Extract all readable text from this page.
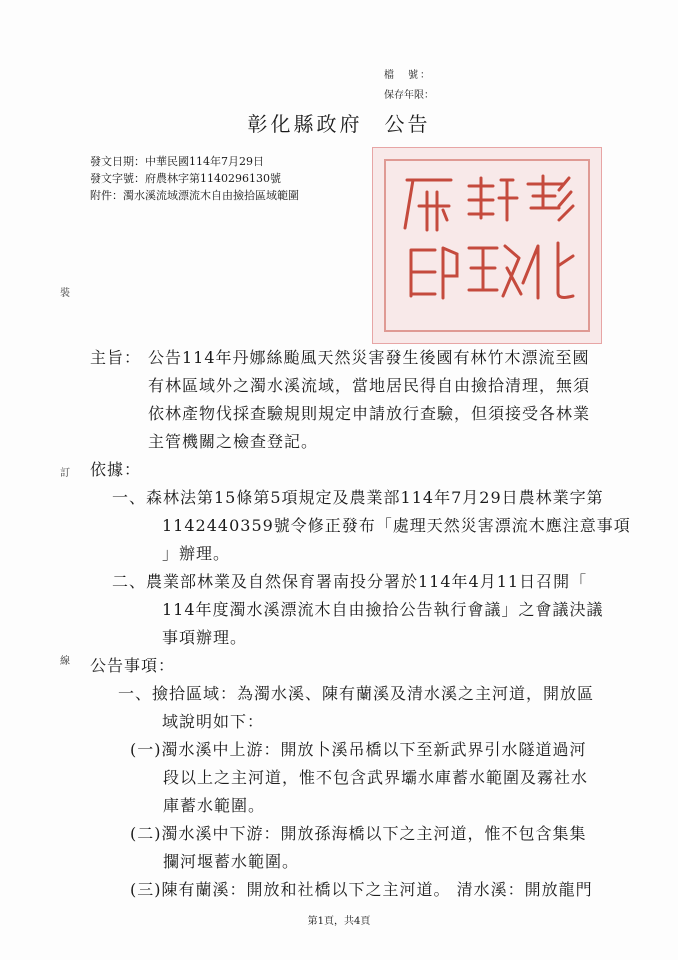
檔　號：
保存年限：
彰化縣政府 公告
發文日期：中華民國114年7月29日
發文字號：府農林字第1140296130號
附件：濁水溪流域漂流木自由撿拾區域範圍
裝
訂
線
主旨： 公告114年丹娜絲颱風天然災害發生後國有林竹木漂流至國
有林區域外之濁水溪流域，當地居民得自由撿拾清理，無須
依林產物伐採查驗規則規定申請放行查驗，但須接受各林業
主管機關之檢查登記。
依據：
一、森林法第15條第5項規定及農業部114年7月29日農林業字第
1142440359號令修正發布「處理天然災害漂流木應注意事項
」辦理。
二、農業部林業及自然保育署南投分署於114年4月11日召開「
114年度濁水溪漂流木自由撿拾公告執行會議」之會議決議
事項辦理。
公告事項：
一、撿拾區域：為濁水溪、陳有蘭溪及清水溪之主河道，開放區
域說明如下：
(一)濁水溪中上游：開放卜溪吊橋以下至新武界引水隧道過河
段以上之主河道，惟不包含武界壩水庫蓄水範圍及霧社水
庫蓄水範圍。
(二)濁水溪中下游：開放孫海橋以下之主河道，惟不包含集集
攔河堰蓄水範圍。
(三)陳有蘭溪：開放和社橋以下之主河道。 清水溪：開放龍門
第1頁，共4頁
